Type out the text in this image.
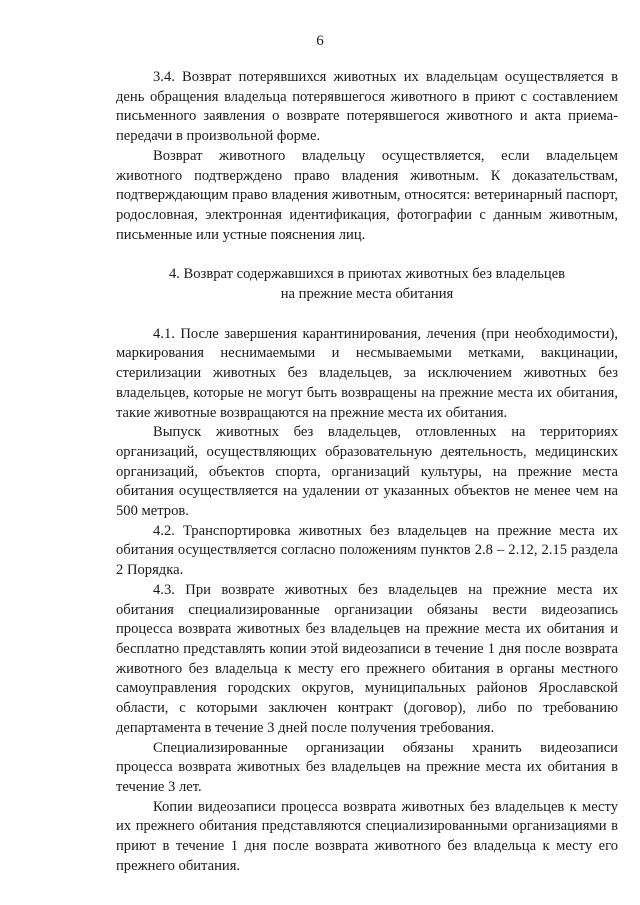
6

3.4. Возврат потерявшихся животных их владельцам осуществляется в день обращения владельца потерявшегося животного в приют с составлением письменного заявления о возврате потерявшегося животного и акта приема-передачи в произвольной форме.

Возврат животного владельцу осуществляется, если владельцем животного подтверждено право владения животным. К доказательствам, подтверждающим право владения животным, относятся: ветеринарный паспорт, родословная, электронная идентификация, фотографии с данным животным, письменные или устные пояснения лиц.

4. Возврат содержавшихся в приютах животных без владельцев
на прежние места обитания

4.1. После завершения карантинирования, лечения (при необходимости), маркирования неснимаемыми и несмываемыми метками, вакцинации, стерилизации животных без владельцев, за исключением животных без владельцев, которые не могут быть возвращены на прежние места их обитания, такие животные возвращаются на прежние места их обитания.

Выпуск животных без владельцев, отловленных на территориях организаций, осуществляющих образовательную деятельность, медицинских организаций, объектов спорта, организаций культуры, на прежние места обитания осуществляется на удалении от указанных объектов не менее чем на 500 метров.

4.2. Транспортировка животных без владельцев на прежние места их обитания осуществляется согласно положениям пунктов 2.8 – 2.12, 2.15 раздела 2 Порядка.

4.3. При возврате животных без владельцев на прежние места их обитания специализированные организации обязаны вести видеозапись процесса возврата животных без владельцев на прежние места их обитания и бесплатно представлять копии этой видеозаписи в течение 1 дня после возврата животного без владельца к месту его прежнего обитания в органы местного самоуправления городских округов, муниципальных районов Ярославской области, с которыми заключен контракт (договор), либо по требованию департамента в течение 3 дней после получения требования.

Специализированные организации обязаны хранить видеозаписи процесса возврата животных без владельцев на прежние места их обитания в течение 3 лет.

Копии видеозаписи процесса возврата животных без владельцев к месту их прежнего обитания представляются специализированными организациями в приют в течение 1 дня после возврата животного без владельца к месту его прежнего обитания.
